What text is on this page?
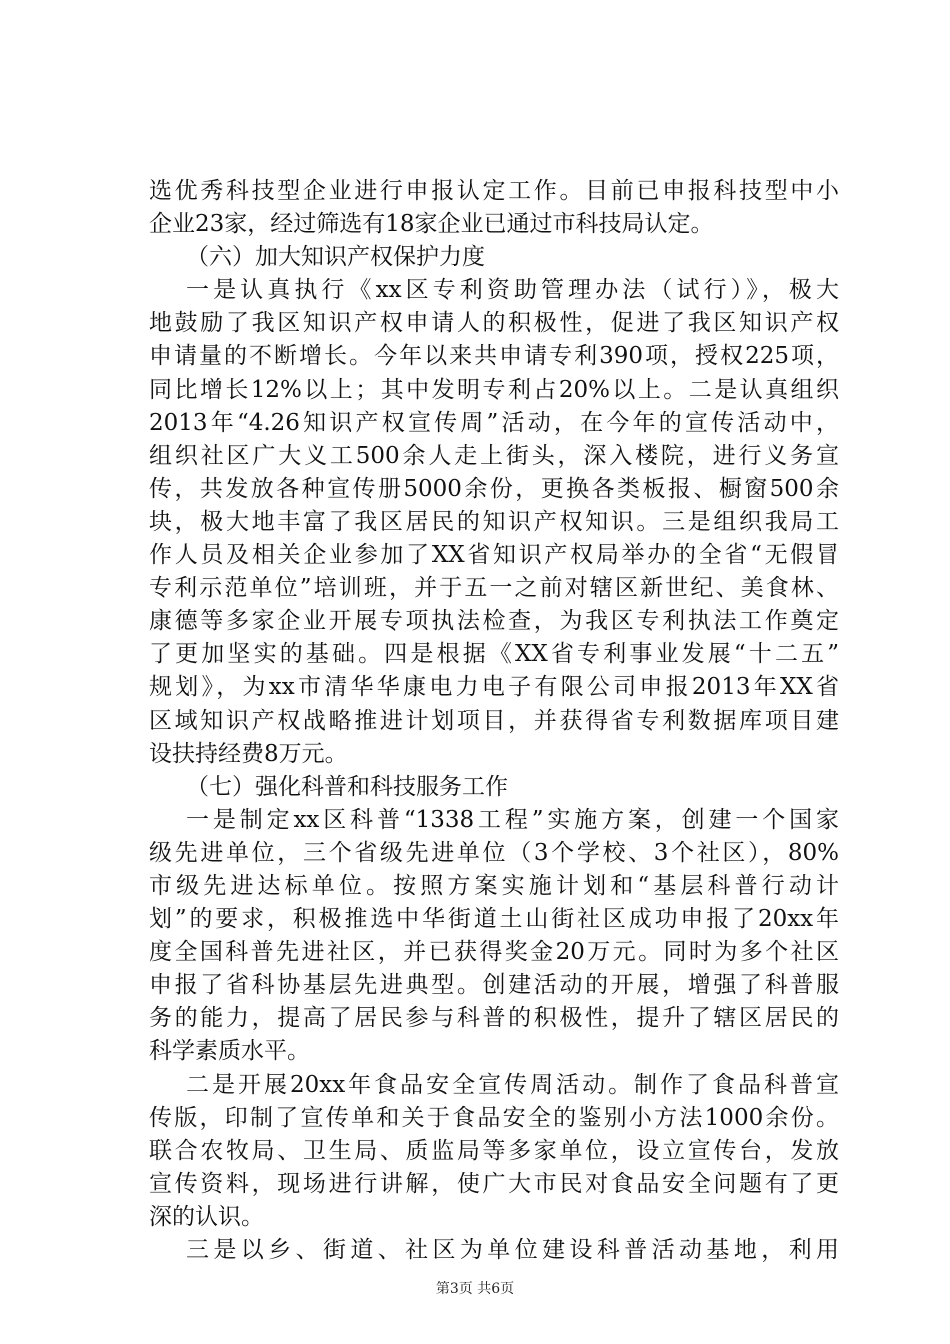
选优秀科技型企业进行申报认定工作。目前已申报科技型中小
企业23家，经过筛选有18家企业已通过市科技局认定。
（六）加大知识产权保护力度
一是认真执行《xx区专利资助管理办法（试行）》，极大
地鼓励了我区知识产权申请人的积极性，促进了我区知识产权
申请量的不断增长。今年以来共申请专利390项，授权225项，
同比增长12%以上；其中发明专利占20%以上。二是认真组织
2013年“4.26知识产权宣传周”活动，在今年的宣传活动中，
组织社区广大义工500余人走上街头，深入楼院，进行义务宣
传，共发放各种宣传册5000余份，更换各类板报、橱窗500余
块，极大地丰富了我区居民的知识产权知识。三是组织我局工
作人员及相关企业参加了XX省知识产权局举办的全省“无假冒
专利示范单位”培训班，并于五一之前对辖区新世纪、美食林、
康德等多家企业开展专项执法检查，为我区专利执法工作奠定
了更加坚实的基础。四是根据《XX省专利事业发展“十二五”
规划》，为xx市清华华康电力电子有限公司申报2013年XX省
区域知识产权战略推进计划项目，并获得省专利数据库项目建
设扶持经费8万元。
（七）强化科普和科技服务工作
一是制定xx区科普“1338工程”实施方案，创建一个国家
级先进单位，三个省级先进单位（3个学校、3个社区），80%
市级先进达标单位。按照方案实施计划和“基层科普行动计
划”的要求，积极推选中华街道土山街社区成功申报了20xx年
度全国科普先进社区，并已获得奖金20万元。同时为多个社区
申报了省科协基层先进典型。创建活动的开展，增强了科普服
务的能力，提高了居民参与科普的积极性，提升了辖区居民的
科学素质水平。
二是开展20xx年食品安全宣传周活动。制作了食品科普宣
传版，印制了宣传单和关于食品安全的鉴别小方法1000余份。
联合农牧局、卫生局、质监局等多家单位，设立宣传台，发放
宣传资料，现场进行讲解，使广大市民对食品安全问题有了更
深的认识。
三是以乡、街道、社区为单位建设科普活动基地，利用
第3页 共6页
